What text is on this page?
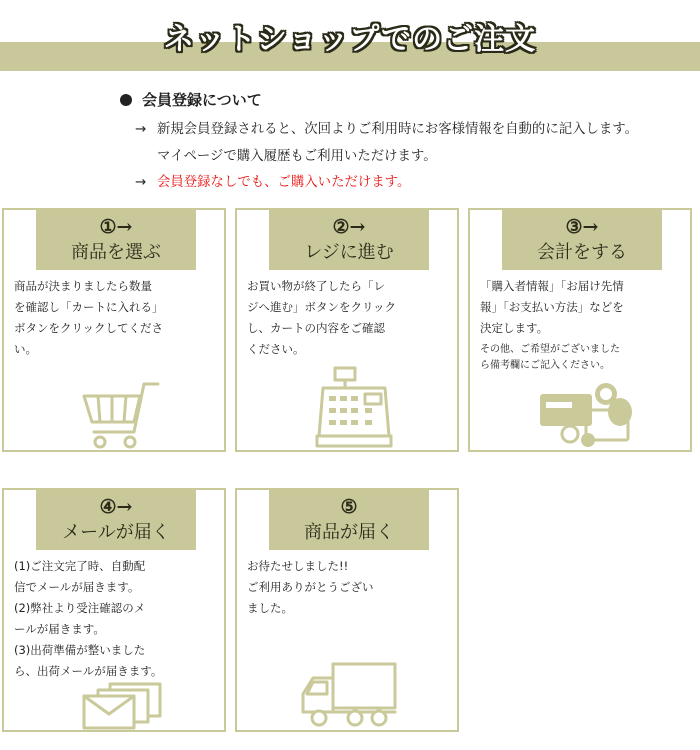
ネットショップでのご注文
会員登録について
→ 新規会員登録されると、次回よりご利用時にお客様情報を自動的に記入します。
マイページで購入履歴もご利用いただけます。
→ 会員登録なしでも、ご購入いただけます。
①→
商品を選ぶ
商品が決まりましたら数量
を確認し「カートに入れる」
ボタンをクリックしてくださ
い。
②→
レジに進む
お買い物が終了したら「レ
ジへ進む」ボタンをクリック
し、カートの内容をご確認
ください。
③→
会計をする
「購入者情報」「お届け先情
報」「お支払い方法」などを
決定します。
その他、ご希望がございました
ら備考欄にご記入ください。
④→
メールが届く
(1)ご注文完了時、自動配
信でメールが届きます。
(2)弊社より受注確認のメ
ールが届きます。
(3)出荷準備が整いました
ら、出荷メールが届きます。
⑤
商品が届く
お待たせしました!!
ご利用ありがとうござい
ました。
